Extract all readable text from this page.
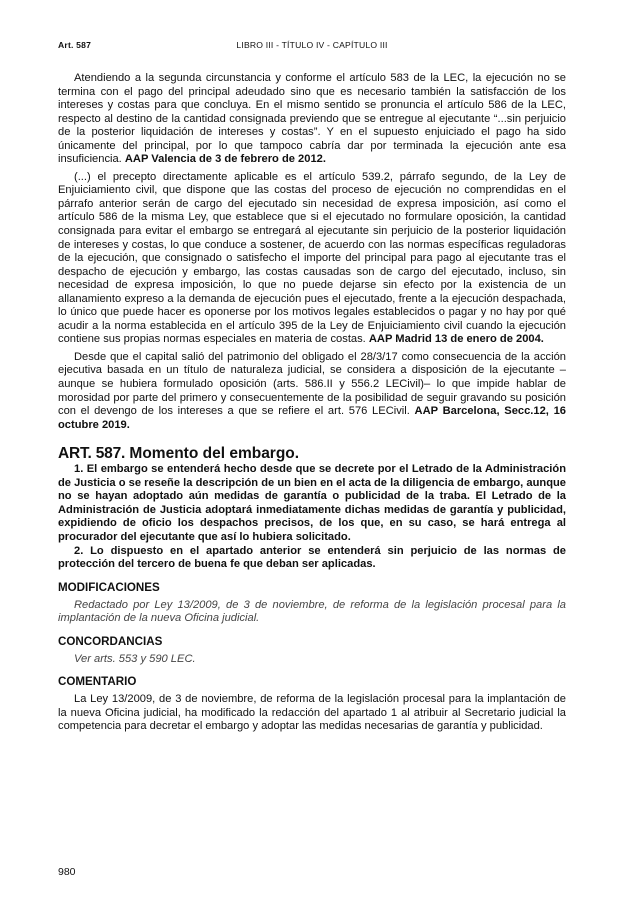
Art. 587	LIBRO III - TÍTULO IV - CAPÍTULO III

Atendiendo a la segunda circunstancia y conforme el artículo 583 de la LEC, la ejecución no se termina con el pago del principal adeudado sino que es necesario también la satisfacción de los intereses y costas para que concluya. En el mismo sentido se pronuncia el artículo 586 de la LEC, respecto al destino de la cantidad consignada previendo que se entregue al ejecutante “...sin perjuicio de la posterior liquidación de intereses y costas”. Y en el supuesto enjuiciado el pago ha sido únicamente del principal, por lo que tampoco cabría dar por terminada la ejecución ante esa insuficiencia. AAP Valencia de 3 de febrero de 2012.

(...) el precepto directamente aplicable es el artículo 539.2, párrafo segundo, de la Ley de Enjuiciamiento civil, que dispone que las costas del proceso de ejecución no comprendidas en el párrafo anterior serán de cargo del ejecutado sin necesidad de expresa imposición, así como el artículo 586 de la misma Ley, que establece que si el ejecutado no formulare oposición, la cantidad consignada para evitar el embargo se entregará al ejecutante sin perjuicio de la posterior liquidación de intereses y costas, lo que conduce a sostener, de acuerdo con las normas específicas reguladoras de la ejecución, que consignado o satisfecho el importe del principal para pago al ejecutante tras el despacho de ejecución y embargo, las costas causadas son de cargo del ejecutado, incluso, sin necesidad de expresa imposición, lo que no puede dejarse sin efecto por la existencia de un allanamiento expreso a la demanda de ejecución pues el ejecutado, frente a la ejecución despachada, lo único que puede hacer es oponerse por los motivos legales establecidos o pagar y no hay por qué acudir a la norma establecida en el artículo 395 de la Ley de Enjuiciamiento civil cuando la ejecución contiene sus propias normas especiales en materia de costas. AAP Madrid 13 de enero de 2004.

Desde que el capital salió del patrimonio del obligado el 28/3/17 como consecuencia de la acción ejecutiva basada en un título de naturaleza judicial, se considera a disposición de la ejecutante –aunque se hubiera formulado oposición (arts. 586.II y 556.2 LECivil)– lo que impide hablar de morosidad por parte del primero y consecuentemente de la posibilidad de seguir gravando su posición con el devengo de los intereses a que se refiere el art. 576 LECivil. AAP Barcelona, Secc.12, 16 octubre 2019.

ART. 587. Momento del embargo.

1. El embargo se entenderá hecho desde que se decrete por el Letrado de la Administración de Justicia o se reseñe la descripción de un bien en el acta de la diligencia de embargo, aunque no se hayan adoptado aún medidas de garantía o publicidad de la traba. El Letrado de la Administración de Justicia adoptará inmediatamente dichas medidas de garantía y publicidad, expidiendo de oficio los despachos precisos, de los que, en su caso, se hará entrega al procurador del ejecutante que así lo hubiera solicitado.

2. Lo dispuesto en el apartado anterior se entenderá sin perjuicio de las normas de protección del tercero de buena fe que deban ser aplicadas.

MODIFICACIONES

Redactado por Ley 13/2009, de 3 de noviembre, de reforma de la legislación procesal para la implantación de la nueva Oficina judicial.

CONCORDANCIAS

Ver arts. 553 y 590 LEC.

COMENTARIO

La Ley 13/2009, de 3 de noviembre, de reforma de la legislación procesal para la implantación de la nueva Oficina judicial, ha modificado la redacción del apartado 1 al atribuir al Secretario judicial la competencia para decretar el embargo y adoptar las medidas necesarias de garantía y publicidad.

980
